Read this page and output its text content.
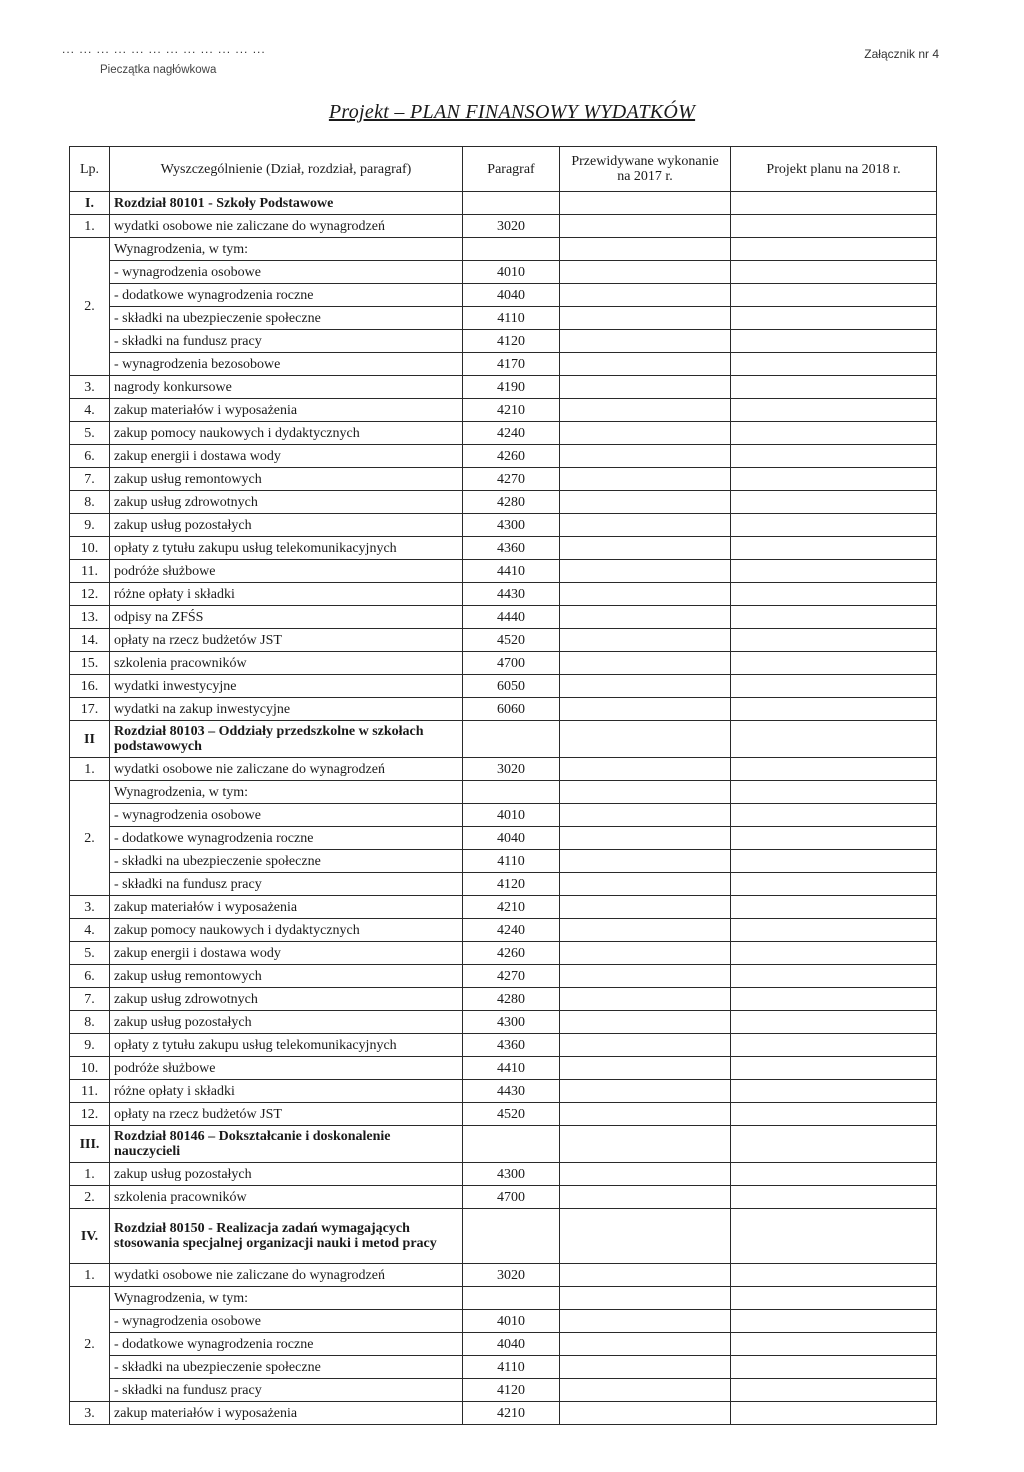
... ... ... ... ... ... ... ... ... ... ... ...
Pieczątka nagłówkowa
Załącznik nr 4
Projekt – PLAN FINANSOWY WYDATKÓW
Lp.	Wyszczególnienie (Dział, rozdział, paragraf)	Paragraf	Przewidywane wykonanie na 2017 r.	Projekt planu na 2018 r.
I.	Rozdział 80101 - Szkoły Podstawowe			
1.	wydatki osobowe nie zaliczane do wynagrodzeń	3020		
2.	Wynagrodzenia, w tym:			
	- wynagrodzenia osobowe	4010		
	- dodatkowe wynagrodzenia roczne	4040		
	- składki na ubezpieczenie społeczne	4110		
	- składki na fundusz pracy	4120		
	- wynagrodzenia bezosobowe	4170		
3.	nagrody konkursowe	4190		
4.	zakup materiałów i wyposażenia	4210		
5.	zakup pomocy naukowych i dydaktycznych	4240		
6.	zakup energii i dostawa wody	4260		
7.	zakup usług remontowych	4270		
8.	zakup usług zdrowotnych	4280		
9.	zakup usług pozostałych	4300		
10.	opłaty z tytułu zakupu usług telekomunikacyjnych	4360		
11.	podróże służbowe	4410		
12.	różne opłaty i składki	4430		
13.	odpisy na ZFŚS	4440		
14.	opłaty na rzecz budżetów JST	4520		
15.	szkolenia pracowników	4700		
16.	wydatki inwestycyjne	6050		
17.	wydatki na zakup inwestycyjne	6060		
II	Rozdział 80103 – Oddziały przedszkolne w szkołach podstawowych			
1.	wydatki osobowe nie zaliczane do wynagrodzeń	3020		
2.	Wynagrodzenia, w tym:			
	- wynagrodzenia osobowe	4010		
	- dodatkowe wynagrodzenia roczne	4040		
	- składki na ubezpieczenie społeczne	4110		
	- składki na fundusz pracy	4120		
3.	zakup materiałów i wyposażenia	4210		
4.	zakup pomocy naukowych i dydaktycznych	4240		
5.	zakup energii i dostawa wody	4260		
6.	zakup usług remontowych	4270		
7.	zakup usług zdrowotnych	4280		
8.	zakup usług pozostałych	4300		
9.	opłaty z tytułu zakupu usług telekomunikacyjnych	4360		
10.	podróże służbowe	4410		
11.	różne opłaty i składki	4430		
12.	opłaty na rzecz budżetów JST	4520		
III.	Rozdział 80146 – Dokształcanie i doskonalenie nauczycieli			
1.	zakup usług pozostałych	4300		
2.	szkolenia pracowników	4700		
IV.	Rozdział 80150 - Realizacja zadań wymagających stosowania specjalnej organizacji nauki i metod pracy			
1.	wydatki osobowe nie zaliczane do wynagrodzeń	3020		
2.	Wynagrodzenia, w tym:			
	- wynagrodzenia osobowe	4010		
	- dodatkowe wynagrodzenia roczne	4040		
	- składki na ubezpieczenie społeczne	4110		
	- składki na fundusz pracy	4120		
3.	zakup materiałów i wyposażenia	4210		
